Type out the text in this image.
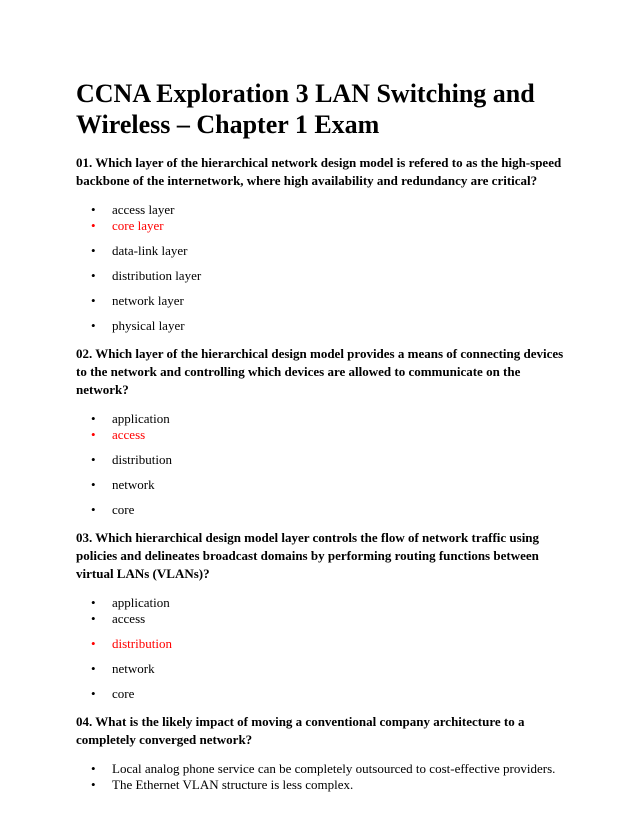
CCNA Exploration 3 LAN Switching and Wireless – Chapter 1 Exam

01. Which layer of the hierarchical network design model is refered to as the high-speed backbone of the internetwork, where high availability and redundancy are critical?

• access layer
• core layer
• data-link layer
• distribution layer
• network layer
• physical layer

02. Which layer of the hierarchical design model provides a means of connecting devices to the network and controlling which devices are allowed to communicate on the network?

• application
• access
• distribution
• network
• core

03. Which hierarchical design model layer controls the flow of network traffic using policies and delineates broadcast domains by performing routing functions between virtual LANs (VLANs)?

• application
• access
• distribution
• network
• core

04. What is the likely impact of moving a conventional company architecture to a completely converged network?

• Local analog phone service can be completely outsourced to cost-effective providers.
• The Ethernet VLAN structure is less complex.
